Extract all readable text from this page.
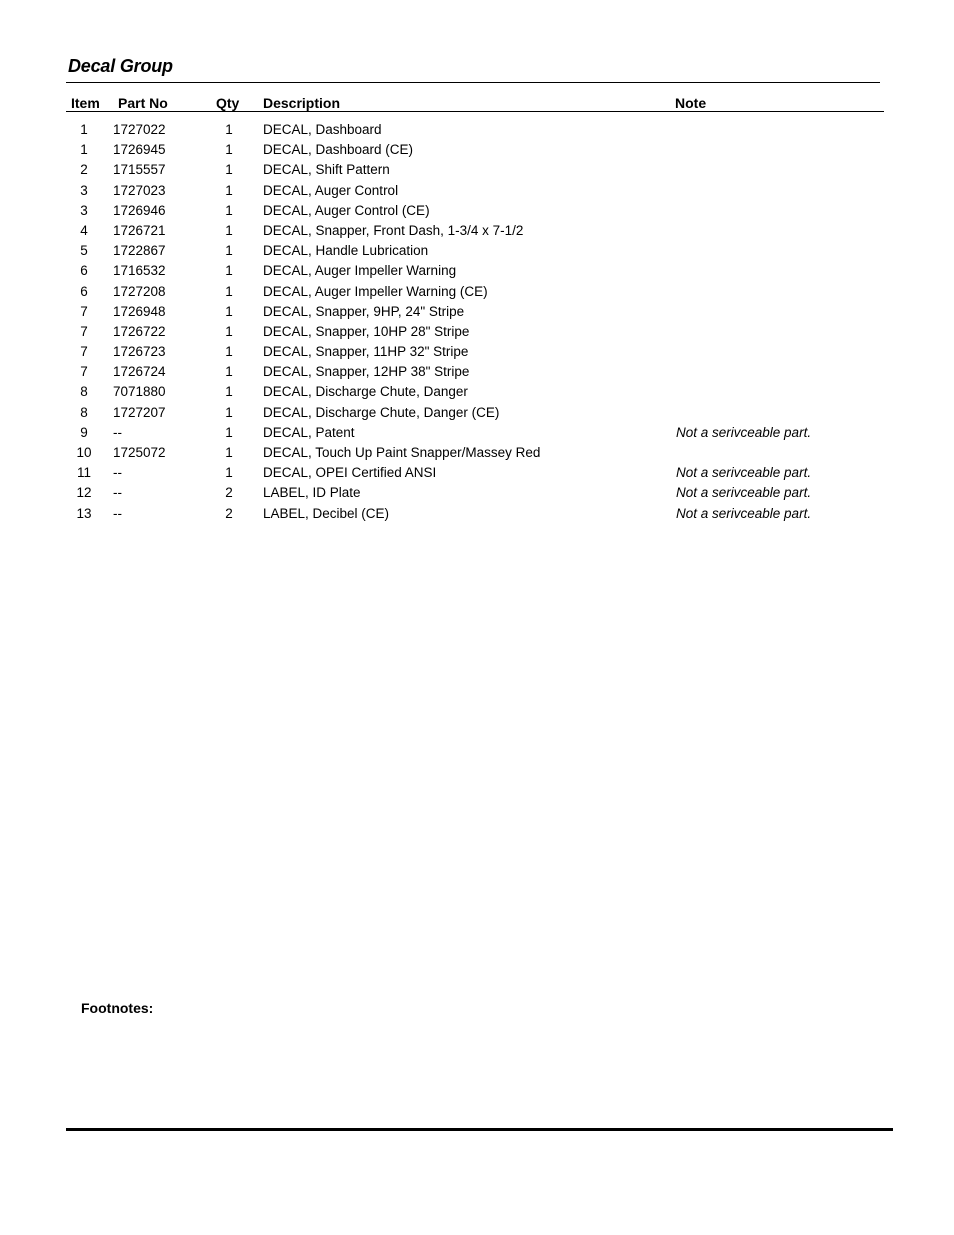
Decal Group
Item Part No	Qty Description	Note
1	1727022	1	DECAL, Dashboard
1	1726945	1	DECAL, Dashboard (CE)
2	1715557	1	DECAL, Shift Pattern
3	1727023	1	DECAL, Auger Control
3	1726946	1	DECAL, Auger Control (CE)
4	1726721	1	DECAL, Snapper, Front Dash, 1-3/4 x 7-1/2
5	1722867	1	DECAL, Handle Lubrication
6	1716532	1	DECAL, Auger Impeller Warning
6	1727208	1	DECAL, Auger Impeller Warning (CE)
7	1726948	1	DECAL, Snapper, 9HP, 24" Stripe
7	1726722	1	DECAL, Snapper, 10HP 28" Stripe
7	1726723	1	DECAL, Snapper, 11HP 32" Stripe
7	1726724	1	DECAL, Snapper, 12HP 38" Stripe
8	7071880	1	DECAL, Discharge Chute, Danger
8	1727207	1	DECAL, Discharge Chute, Danger (CE)
9	--	1	DECAL, Patent	Not a serivceable part.
10	1725072	1	DECAL, Touch Up Paint Snapper/Massey Red
11	--	1	DECAL, OPEI Certified ANSI	Not a serivceable part.
12	--	2	LABEL, ID Plate	Not a serivceable part.
13	--	2	LABEL, Decibel (CE)	Not a serivceable part.
Footnotes:
